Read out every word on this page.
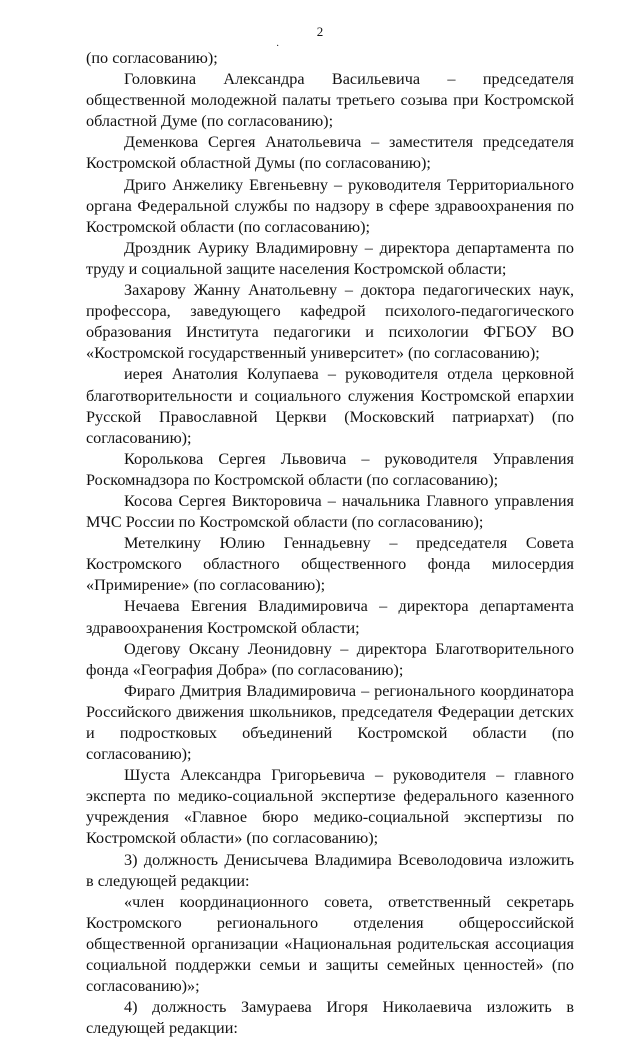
2
·

(по согласованию);

Головкина Александра Васильевича – председателя общественной молодежной палаты третьего созыва при Костромской областной Думе (по согласованию);

Деменкова Сергея Анатольевича – заместителя председателя Костромской областной Думы (по согласованию);

Дриго Анжелику Евгеньевну – руководителя Территориального органа Федеральной службы по надзору в сфере здравоохранения по Костромской области (по согласованию);

Дроздник Аурику Владимировну – директора департамента по труду и социальной защите населения Костромской области;

Захарову Жанну Анатольевну – доктора педагогических наук, профессора, заведующего кафедрой психолого-педагогического образования Института педагогики и психологии ФГБОУ ВО «Костромской государственный университет» (по согласованию);

иерея Анатолия Колупаева – руководителя отдела церковной благотворительности и социального служения Костромской епархии Русской Православной Церкви (Московский патриархат) (по согласованию);

Королькова Сергея Львовича – руководителя Управления Роскомнадзора по Костромской области (по согласованию);

Косова Сергея Викторовича – начальника Главного управления МЧС России по Костромской области (по согласованию);

Метелкину Юлию Геннадьевну – председателя Совета Костромского областного общественного фонда милосердия «Примирение» (по согласованию);

Нечаева Евгения Владимировича – директора департамента здравоохранения Костромской области;

Одегову Оксану Леонидовну – директора Благотворительного фонда «География Добра» (по согласованию);

Фираго Дмитрия Владимировича – регионального координатора Российского движения школьников, председателя Федерации детских и подростковых объединений Костромской области (по согласованию);

Шуста Александра Григорьевича – руководителя – главного эксперта по медико-социальной экспертизе федерального казенного учреждения «Главное бюро медико-социальной экспертизы по Костромской области» (по согласованию);

3) должность Денисычева Владимира Всеволодовича изложить в следующей редакции:

«член координационного совета, ответственный секретарь Костромского регионального отделения общероссийской общественной организации «Национальная родительская ассоциация социальной поддержки семьи и защиты семейных ценностей» (по согласованию)»;

4) должность Замураева Игоря Николаевича изложить в следующей редакции:
